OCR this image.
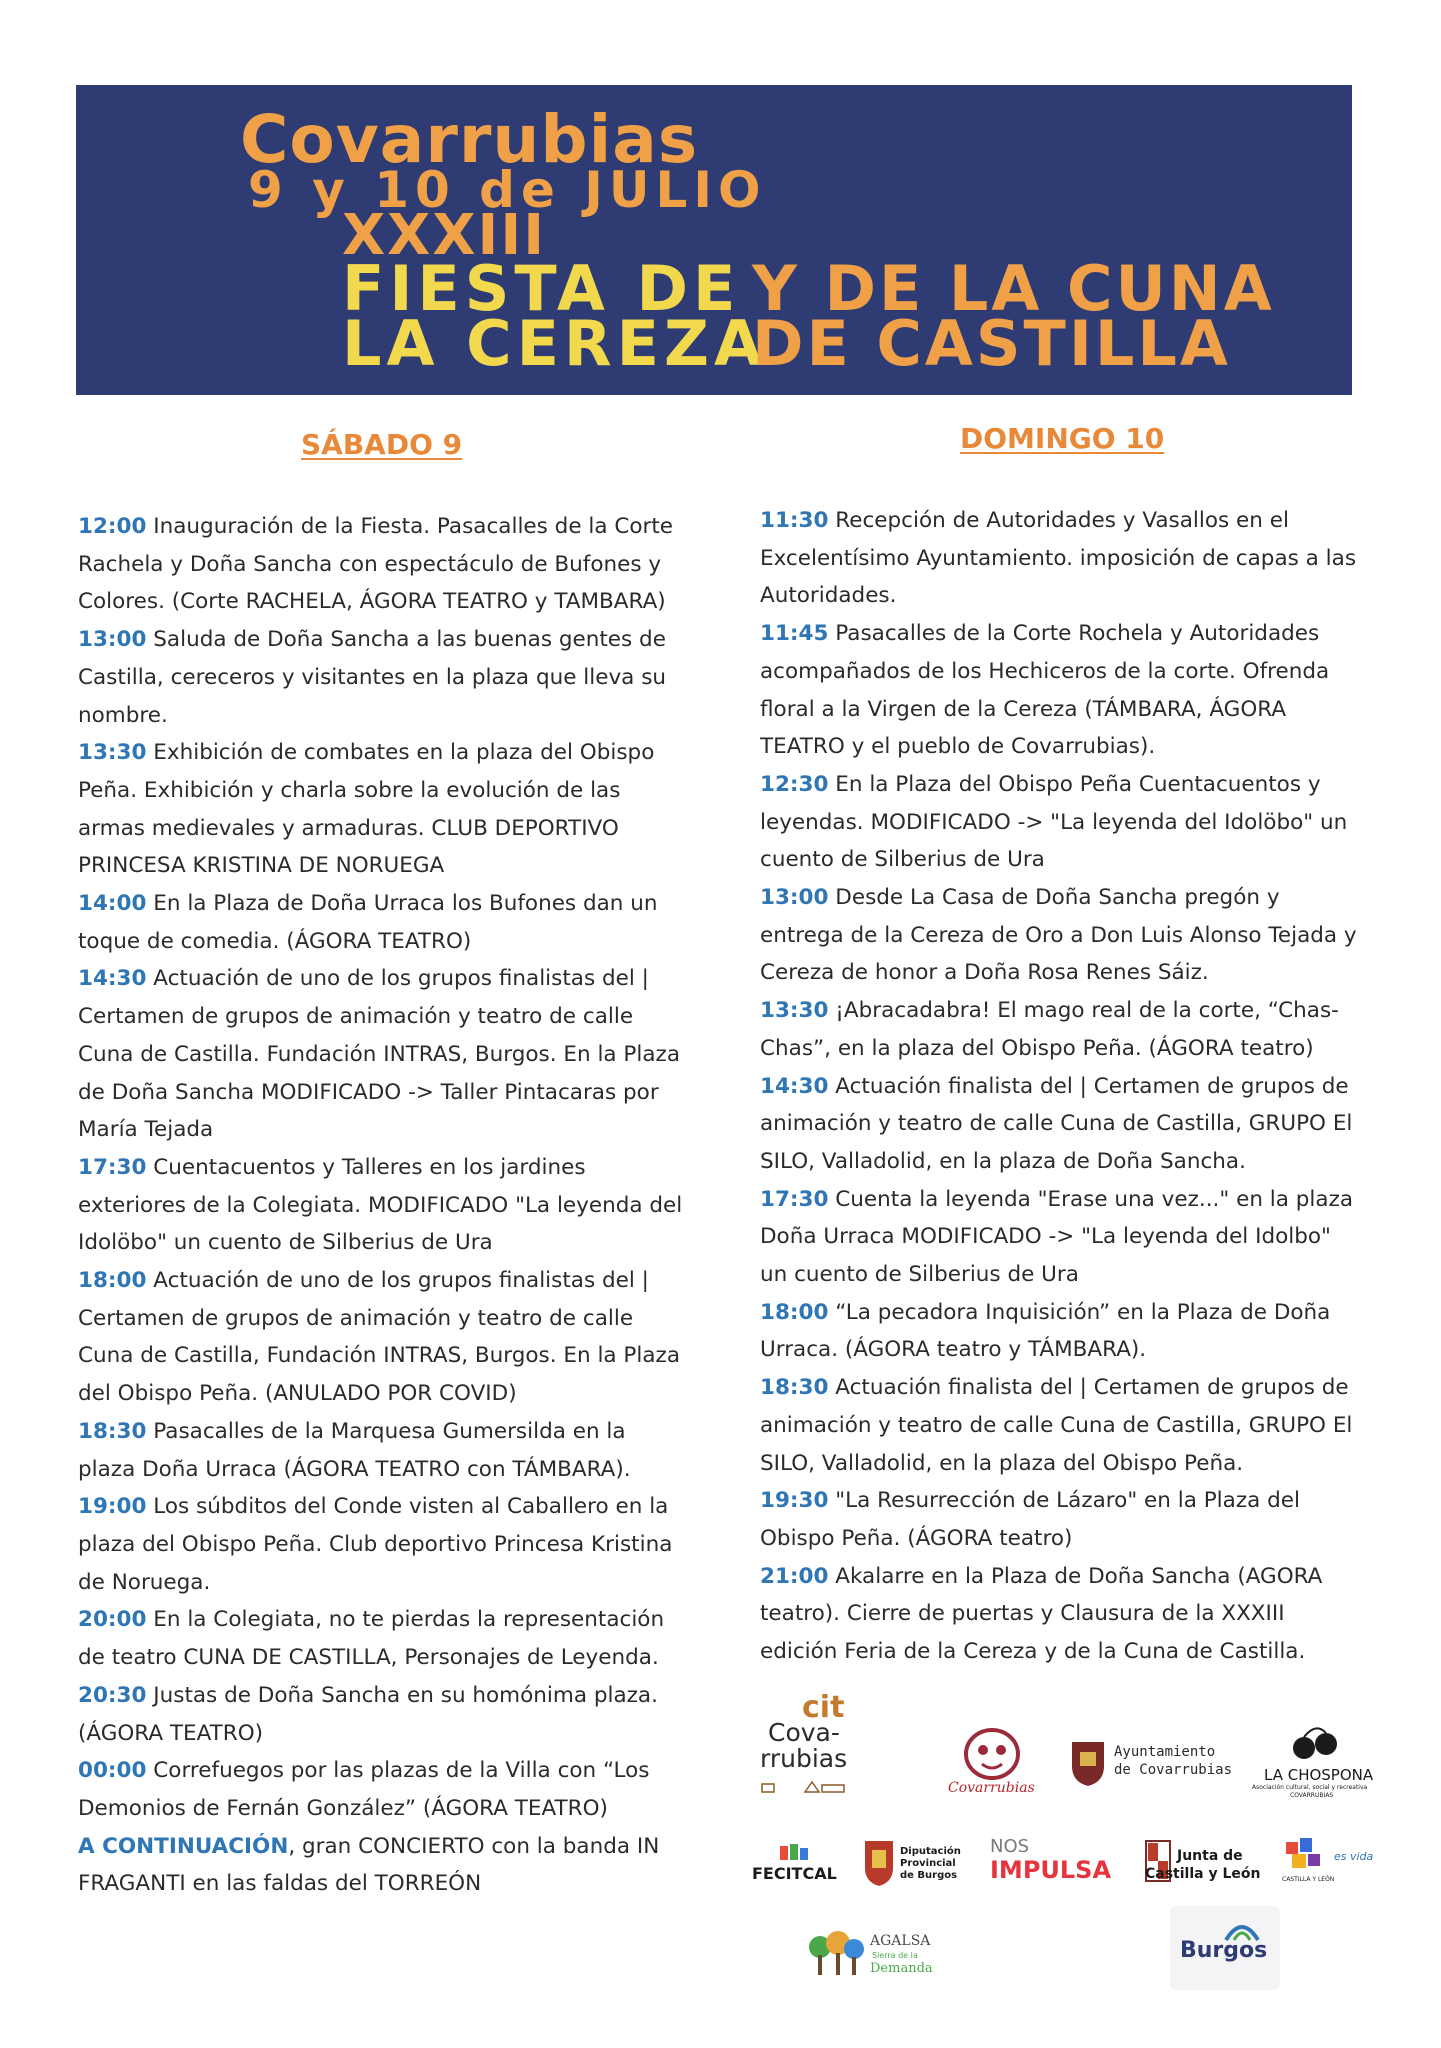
Covarrubias
9 y 10 de JULIO
XXXIII
FIESTA DE Y DE LA CUNA
LA CEREZA
DE CASTILLA
SÁBADO 9	DOMINGO 10
12:00 Inauguración de la Fiesta. Pasacalles de la Corte Rachela y Doña Sancha con espectáculo de Bufones y Colores. (Corte RACHELA, ÁGORA TEATRO y TAMBARA)
13:00 Saluda de Doña Sancha a las buenas gentes de Castilla, cereceros y visitantes en la plaza que lleva su nombre.
13:30 Exhibición de combates en la plaza del Obispo Peña. Exhibición y charla sobre la evolución de las armas medievales y armaduras. CLUB DEPORTIVO PRINCESA KRISTINA DE NORUEGA
14:00 En la Plaza de Doña Urraca los Bufones dan un toque de comedia. (ÁGORA TEATRO)
14:30 Actuación de uno de los grupos finalistas del | Certamen de grupos de animación y teatro de calle Cuna de Castilla. Fundación INTRAS, Burgos. En la Plaza de Doña Sancha MODIFICADO -> Taller Pintacaras por María Tejada
17:30 Cuentacuentos y Talleres en los jardines exteriores de la Colegiata. MODIFICADO "La leyenda del Idolöbo" un cuento de Silberius de Ura
18:00 Actuación de uno de los grupos finalistas del | Certamen de grupos de animación y teatro de calle Cuna de Castilla, Fundación INTRAS, Burgos. En la Plaza del Obispo Peña. (ANULADO POR COVID)
18:30 Pasacalles de la Marquesa Gumersilda en la plaza Doña Urraca (ÁGORA TEATRO con TÁMBARA).
19:00 Los súbditos del Conde visten al Caballero en la plaza del Obispo Peña. Club deportivo Princesa Kristina de Noruega.
20:00 En la Colegiata, no te pierdas la representación de teatro CUNA DE CASTILLA, Personajes de Leyenda.
20:30 Justas de Doña Sancha en su homónima plaza. (ÁGORA TEATRO)
00:00 Correfuegos por las plazas de la Villa con “Los Demonios de Fernán González” (ÁGORA TEATRO)
A CONTINUACIÓN, gran CONCIERTO con la banda IN FRAGANTI en las faldas del TORREÓN
11:30 Recepción de Autoridades y Vasallos en el Excelentísimo Ayuntamiento. imposición de capas a las Autoridades.
11:45 Pasacalles de la Corte Rochela y Autoridades acompañados de los Hechiceros de la corte. Ofrenda floral a la Virgen de la Cereza (TÁMBARA, ÁGORA TEATRO y el pueblo de Covarrubias).
12:30 En la Plaza del Obispo Peña Cuentacuentos y leyendas. MODIFICADO -> "La leyenda del Idolöbo" un cuento de Silberius de Ura
13:00 Desde La Casa de Doña Sancha pregón y entrega de la Cereza de Oro a Don Luis Alonso Tejada y Cereza de honor a Doña Rosa Renes Sáiz.
13:30 ¡Abracadabra! El mago real de la corte, “Chas-Chas”, en la plaza del Obispo Peña. (ÁGORA teatro)
14:30 Actuación finalista del | Certamen de grupos de animación y teatro de calle Cuna de Castilla, GRUPO El SILO, Valladolid, en la plaza de Doña Sancha.
17:30 Cuenta la leyenda "Erase una vez..." en la plaza Doña Urraca MODIFICADO -> "La leyenda del Idolbo" un cuento de Silberius de Ura
18:00 “La pecadora Inquisición” en la Plaza de Doña Urraca. (ÁGORA teatro y TÁMBARA).
18:30 Actuación finalista del | Certamen de grupos de animación y teatro de calle Cuna de Castilla, GRUPO El SILO, Valladolid, en la plaza del Obispo Peña.
19:30 "La Resurrección de Lázaro" en la Plaza del Obispo Peña. (ÁGORA teatro)
21:00 Akalarre en la Plaza de Doña Sancha (AGORA teatro). Cierre de puertas y Clausura de la XXXIII edición Feria de la Cereza y de la Cuna de Castilla.
cit
Cova-
rrubias
Covarrubias
Ayuntamiento
de Covarrubias LA CHOSPONA
Asociación cultural, social y recreativa
COVARRUBIAS
FECITCAL
Diputación
Provincial
de Burgos
NOS
IMPULSA	Junta de
Castilla y León
es vida
CASTILLA Y LEÓN
AGALSA
Sierra de la
Demanda
Burgos
